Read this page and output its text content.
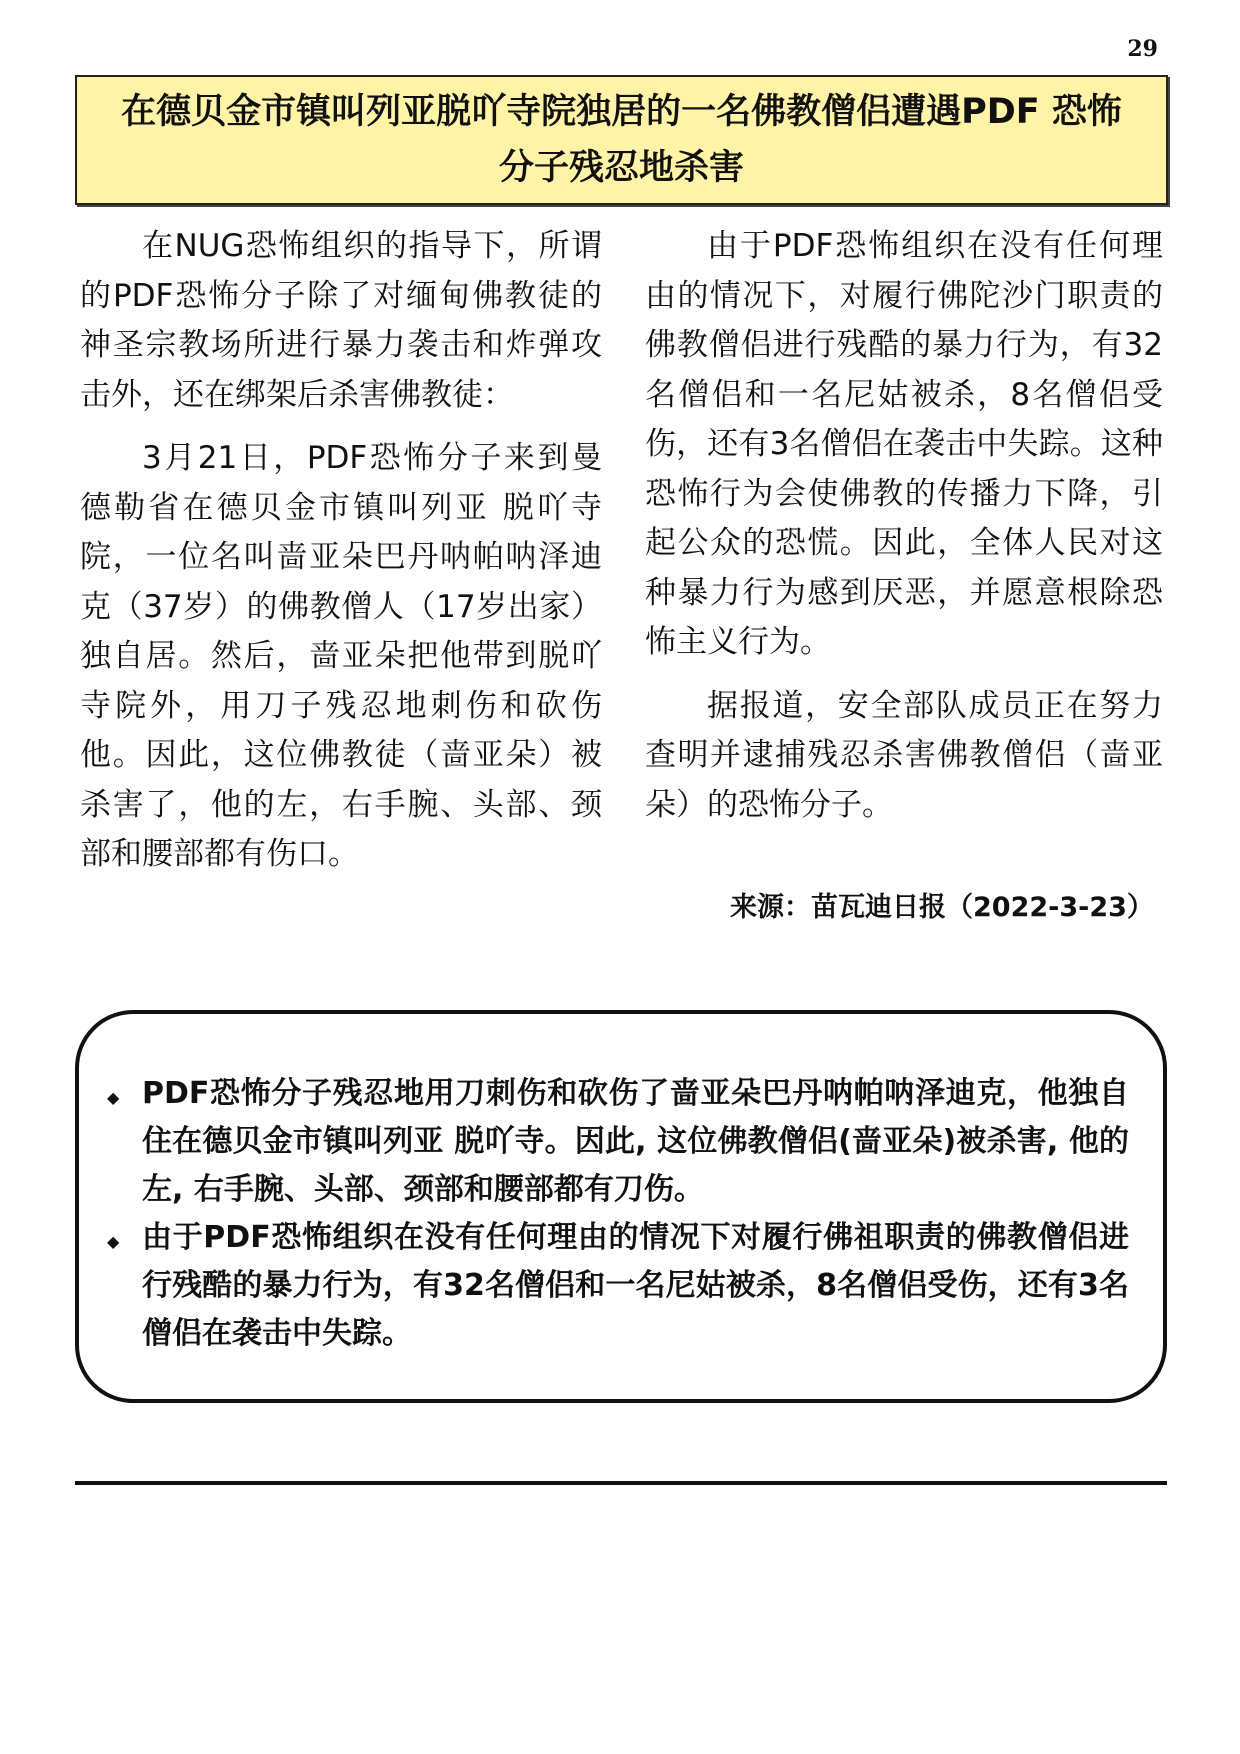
29
在德贝金市镇叫列亚脱吖寺院独居的一名佛教僧侣遭遇PDF 恐怖
分子残忍地杀害

在NUG恐怖组织的指导下，所谓的PDF恐怖分子除了对缅甸佛教徒的神圣宗教场所进行暴力袭击和炸弹攻击外，还在绑架后杀害佛教徒：

3月21日，PDF恐怖分子来到曼德勒省在德贝金市镇叫列亚 脱吖寺院，一位名叫啬亚朵巴丹呐帕呐泽迪克（37岁）的佛教僧人（17岁出家）独自居。然后，啬亚朵把他带到脱吖寺院外，用刀子残忍地刺伤和砍伤他。因此，这位佛教徒（啬亚朵）被杀害了，他的左，右手腕、头部、颈部和腰部都有伤口。

由于PDF恐怖组织在没有任何理由的情况下，对履行佛陀沙门职责的佛教僧侣进行残酷的暴力行为，有32名僧侣和一名尼姑被杀，8名僧侣受伤，还有3名僧侣在袭击中失踪。这种恐怖行为会使佛教的传播力下降，引起公众的恐慌。因此，全体人民对这种暴力行为感到厌恶，并愿意根除恐怖主义行为。

据报道，安全部队成员正在努力查明并逮捕残忍杀害佛教僧侣（啬亚朵）的恐怖分子。

来源：苗瓦迪日报（2022-3-23）
◆ PDF恐怖分子残忍地用刀刺伤和砍伤了啬亚朵巴丹呐帕呐泽迪克，他独自住在德贝金市镇叫列亚 脱吖寺。因此, 这位佛教僧侣(啬亚朵)被杀害, 他的左, 右手腕、头部、颈部和腰部都有刀伤。
◆ 由于PDF恐怖组织在没有任何理由的情况下对履行佛祖职责的佛教僧侣进行残酷的暴力行为，有32名僧侣和一名尼姑被杀，8名僧侣受伤，还有3名僧侣在袭击中失踪。
